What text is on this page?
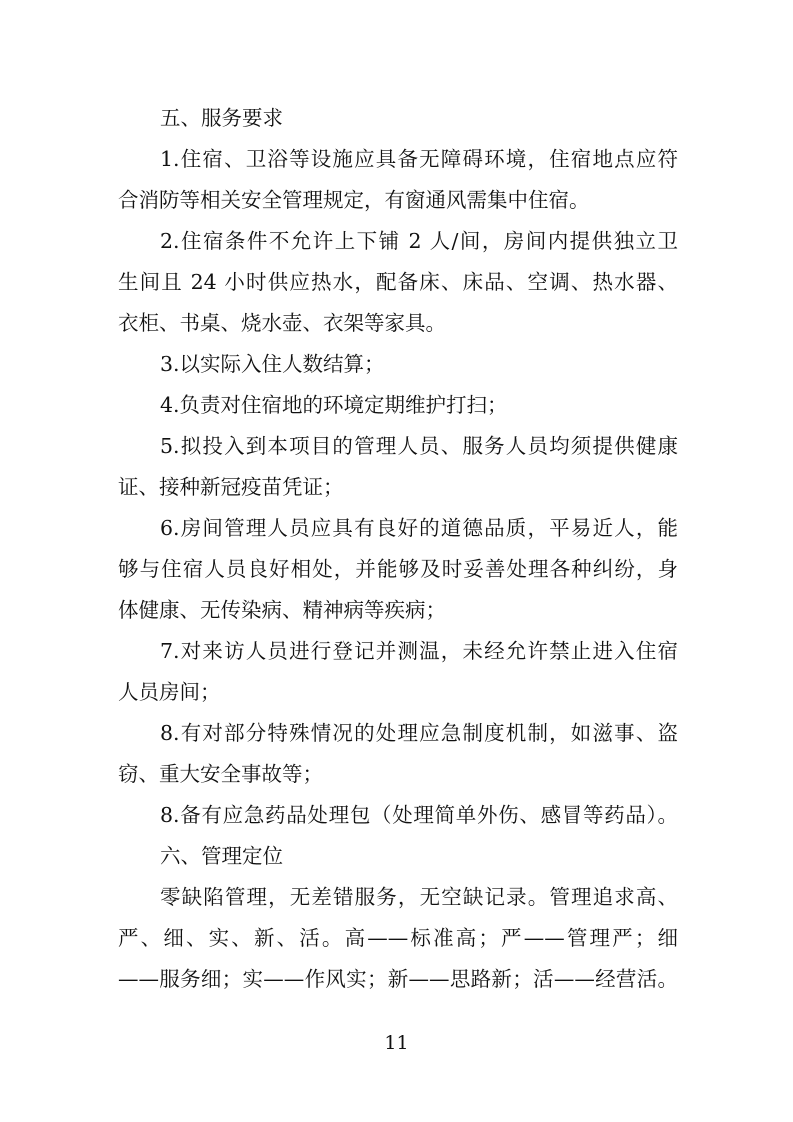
五、服务要求
1.住宿、卫浴等设施应具备无障碍环境，住宿地点应符
合消防等相关安全管理规定，有窗通风需集中住宿。
2.住宿条件不允许上下铺 2 人/间，房间内提供独立卫
生间且 24 小时供应热水，配备床、床品、空调、热水器、
衣柜、书桌、烧水壶、衣架等家具。
3.以实际入住人数结算；
4.负责对住宿地的环境定期维护打扫；
5.拟投入到本项目的管理人员、服务人员均须提供健康
证、接种新冠疫苗凭证；
6.房间管理人员应具有良好的道德品质，平易近人，能
够与住宿人员良好相处，并能够及时妥善处理各种纠纷，身
体健康、无传染病、精神病等疾病；
7.对来访人员进行登记并测温，未经允许禁止进入住宿
人员房间；
8.有对部分特殊情况的处理应急制度机制，如滋事、盗
窃、重大安全事故等；
8.备有应急药品处理包（处理简单外伤、感冒等药品）。
六、管理定位
零缺陷管理，无差错服务，无空缺记录。管理追求高、
严、细、实、新、活。高——标准高；严——管理严；细
——服务细；实——作风实；新——思路新；活——经营活。
11
